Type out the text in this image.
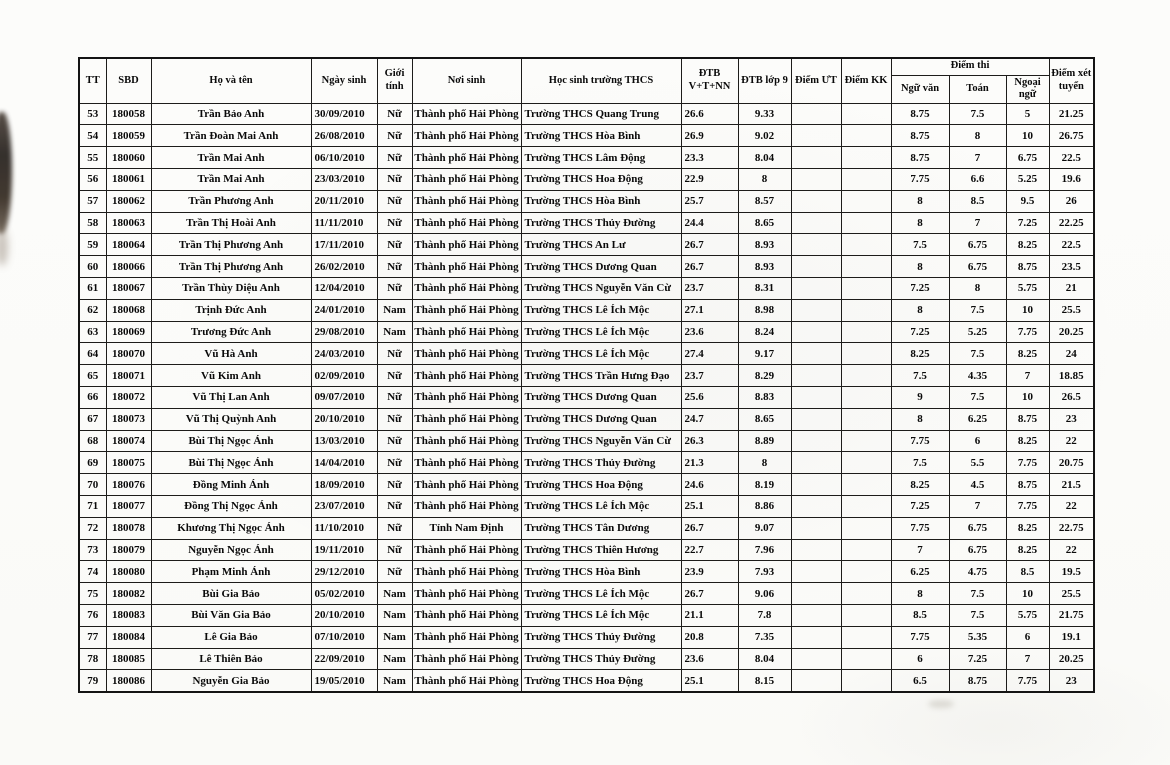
TT	SBD	Họ và tên	Ngày sinh	Giới tính	Nơi sinh	Học sinh trường THCS	ĐTB V+T+NN	ĐTB lớp 9	Điểm ƯT	Điểm KK	Điểm thi			Điểm xét tuyển
											Ngữ văn	Toán	Ngoại ngữ	
53	180058	Trần Bảo Anh	30/09/2010	Nữ	Thành phố Hải Phòng	Trường THCS Quang Trung	26.6	9.33			8.75	7.5	5	21.25
54	180059	Trần Đoàn Mai Anh	26/08/2010	Nữ	Thành phố Hải Phòng	Trường THCS Hòa Bình	26.9	9.02			8.75	8	10	26.75
55	180060	Trần Mai Anh	06/10/2010	Nữ	Thành phố Hải Phòng	Trường THCS Lâm Động	23.3	8.04			8.75	7	6.75	22.5
56	180061	Trần Mai Anh	23/03/2010	Nữ	Thành phố Hải Phòng	Trường THCS Hoa Động	22.9	8			7.75	6.6	5.25	19.6
57	180062	Trần Phương Anh	20/11/2010	Nữ	Thành phố Hải Phòng	Trường THCS Hòa Bình	25.7	8.57			8	8.5	9.5	26
58	180063	Trần Thị Hoài Anh	11/11/2010	Nữ	Thành phố Hải Phòng	Trường THCS Thủy Đường	24.4	8.65			8	7	7.25	22.25
59	180064	Trần Thị Phương Anh	17/11/2010	Nữ	Thành phố Hải Phòng	Trường THCS An Lư	26.7	8.93			7.5	6.75	8.25	22.5
60	180066	Trần Thị Phương Anh	26/02/2010	Nữ	Thành phố Hải Phòng	Trường THCS Dương Quan	26.7	8.93			8	6.75	8.75	23.5
61	180067	Trần Thùy Diệu Anh	12/04/2010	Nữ	Thành phố Hải Phòng	Trường THCS Nguyễn Văn Cừ	23.7	8.31			7.25	8	5.75	21
62	180068	Trịnh Đức Anh	24/01/2010	Nam	Thành phố Hải Phòng	Trường THCS Lê Ích Mộc	27.1	8.98			8	7.5	10	25.5
63	180069	Trương Đức Anh	29/08/2010	Nam	Thành phố Hải Phòng	Trường THCS Lê Ích Mộc	23.6	8.24			7.25	5.25	7.75	20.25
64	180070	Vũ Hà Anh	24/03/2010	Nữ	Thành phố Hải Phòng	Trường THCS Lê Ích Mộc	27.4	9.17			8.25	7.5	8.25	24
65	180071	Vũ Kim Anh	02/09/2010	Nữ	Thành phố Hải Phòng	Trường THCS Trần Hưng Đạo	23.7	8.29			7.5	4.35	7	18.85
66	180072	Vũ Thị Lan Anh	09/07/2010	Nữ	Thành phố Hải Phòng	Trường THCS Dương Quan	25.6	8.83			9	7.5	10	26.5
67	180073	Vũ Thị Quỳnh Anh	20/10/2010	Nữ	Thành phố Hải Phòng	Trường THCS Dương Quan	24.7	8.65			8	6.25	8.75	23
68	180074	Bùi Thị Ngọc Ánh	13/03/2010	Nữ	Thành phố Hải Phòng	Trường THCS Nguyễn Văn Cừ	26.3	8.89			7.75	6	8.25	22
69	180075	Bùi Thị Ngọc Ánh	14/04/2010	Nữ	Thành phố Hải Phòng	Trường THCS Thủy Đường	21.3	8			7.5	5.5	7.75	20.75
70	180076	Đồng Minh Ánh	18/09/2010	Nữ	Thành phố Hải Phòng	Trường THCS Hoa Động	24.6	8.19			8.25	4.5	8.75	21.5
71	180077	Đồng Thị Ngọc Ánh	23/07/2010	Nữ	Thành phố Hải Phòng	Trường THCS Lê Ích Mộc	25.1	8.86			7.25	7	7.75	22
72	180078	Khương Thị Ngọc Ánh	11/10/2010	Nữ	Tỉnh Nam Định	Trường THCS Tân Dương	26.7	9.07			7.75	6.75	8.25	22.75
73	180079	Nguyễn Ngọc Ánh	19/11/2010	Nữ	Thành phố Hải Phòng	Trường THCS Thiên Hương	22.7	7.96			7	6.75	8.25	22
74	180080	Phạm Minh Ánh	29/12/2010	Nữ	Thành phố Hải Phòng	Trường THCS Hòa Bình	23.9	7.93			6.25	4.75	8.5	19.5
75	180082	Bùi Gia Bảo	05/02/2010	Nam	Thành phố Hải Phòng	Trường THCS Lê Ích Mộc	26.7	9.06			8	7.5	10	25.5
76	180083	Bùi Văn Gia Bảo	20/10/2010	Nam	Thành phố Hải Phòng	Trường THCS Lê Ích Mộc	21.1	7.8			8.5	7.5	5.75	21.75
77	180084	Lê Gia Bảo	07/10/2010	Nam	Thành phố Hải Phòng	Trường THCS Thủy Đường	20.8	7.35			7.75	5.35	6	19.1
78	180085	Lê Thiên Bảo	22/09/2010	Nam	Thành phố Hải Phòng	Trường THCS Thủy Đường	23.6	8.04			6	7.25	7	20.25
79	180086	Nguyễn Gia Bảo	19/05/2010	Nam	Thành phố Hải Phòng	Trường THCS Hoa Động	25.1	8.15			6.5	8.75	7.75	23
